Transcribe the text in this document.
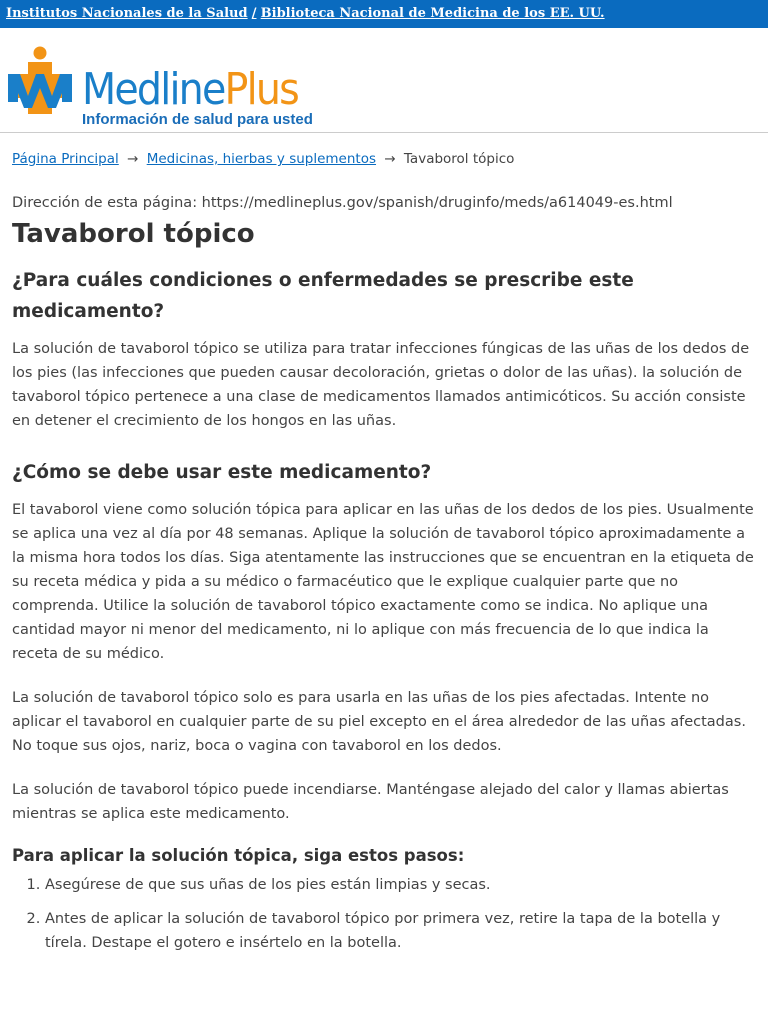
Institutos Nacionales de la Salud / Biblioteca Nacional de Medicina de los EE. UU.
MedlinePlus
Información de salud para usted
Página Principal → Medicinas, hierbas y suplementos → Tavaborol tópico
Dirección de esta página: https://medlineplus.gov/spanish/druginfo/meds/a614049-es.html
Tavaborol tópico
¿Para cuáles condiciones o enfermedades se prescribe este medicamento?

La solución de tavaborol tópico se utiliza para tratar infecciones fúngicas de las uñas de los dedos de los pies (las infecciones que pueden causar decoloración, grietas o dolor de las uñas). la solución de tavaborol tópico pertenece a una clase de medicamentos llamados antimicóticos. Su acción consiste en detener el crecimiento de los hongos en las uñas.

¿Cómo se debe usar este medicamento?

El tavaborol viene como solución tópica para aplicar en las uñas de los dedos de los pies. Usualmente se aplica una vez al día por 48 semanas. Aplique la solución de tavaborol tópico aproximadamente a la misma hora todos los días. Siga atentamente las instrucciones que se encuentran en la etiqueta de su receta médica y pida a su médico o farmacéutico que le explique cualquier parte que no comprenda. Utilice la solución de tavaborol tópico exactamente como se indica. No aplique una cantidad mayor ni menor del medicamento, ni lo aplique con más frecuencia de lo que indica la receta de su médico.

La solución de tavaborol tópico solo es para usarla en las uñas de los pies afectadas. Intente no aplicar el tavaborol en cualquier parte de su piel excepto en el área alrededor de las uñas afectadas. No toque sus ojos, nariz, boca o vagina con tavaborol en los dedos.

La solución de tavaborol tópico puede incendiarse. Manténgase alejado del calor y llamas abiertas mientras se aplica este medicamento.

Para aplicar la solución tópica, siga estos pasos:
1. Asegúrese de que sus uñas de los pies están limpias y secas.
2. Antes de aplicar la solución de tavaborol tópico por primera vez, retire la tapa de la botella y tírela. Destape el gotero e insértelo en la botella.
